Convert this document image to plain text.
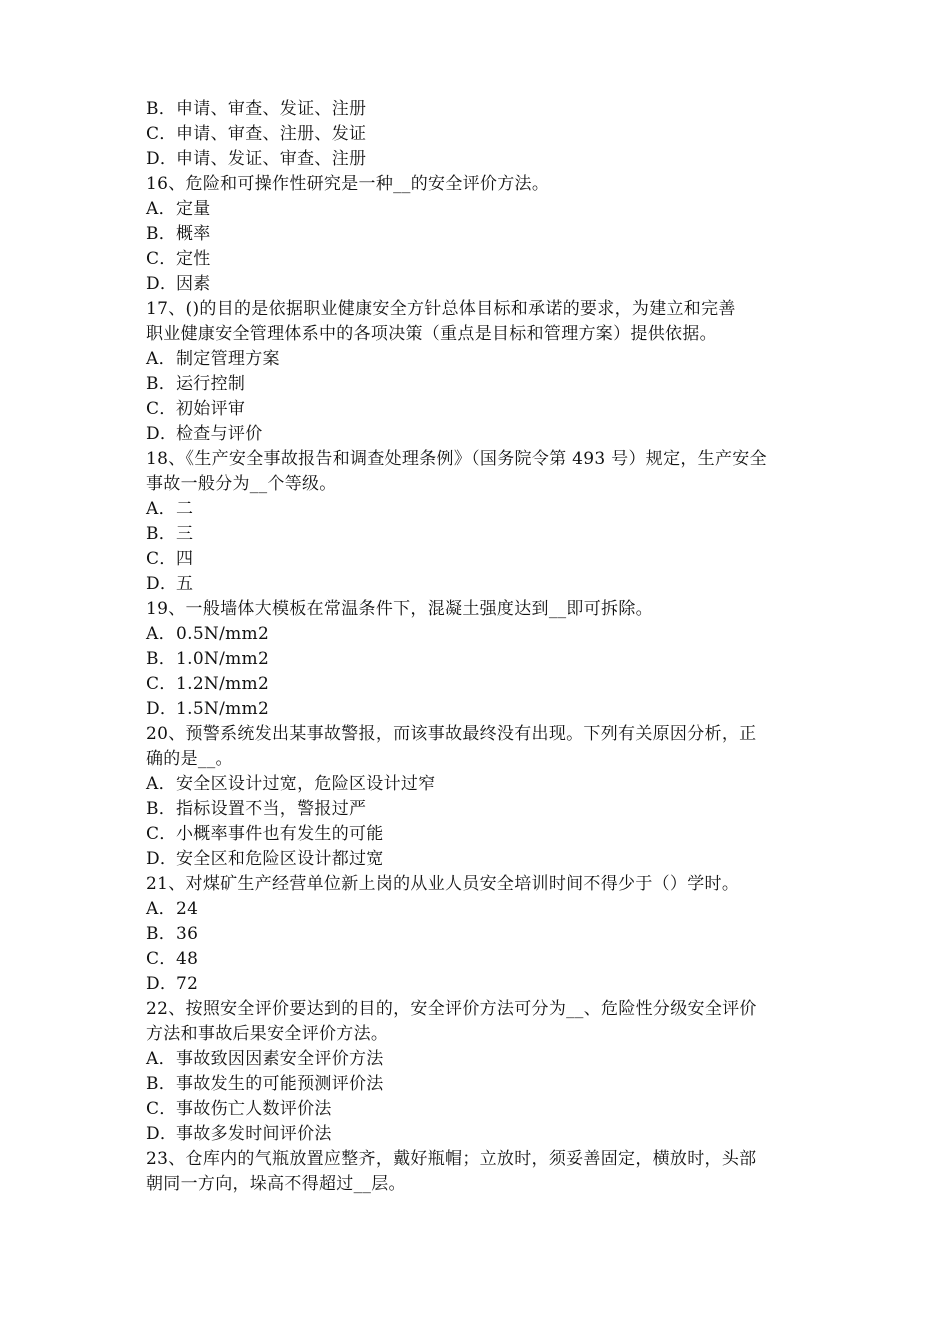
B．申请、审查、发证、注册
C．申请、审查、注册、发证
D．申请、发证、审查、注册
16、危险和可操作性研究是一种__的安全评价方法。
A．定量
B．概率
C．定性
D．因素
17、()的目的是依据职业健康安全方针总体目标和承诺的要求，为建立和完善
职业健康安全管理体系中的各项决策（重点是目标和管理方案）提供依据。
A．制定管理方案
B．运行控制
C．初始评审
D．检查与评价
18、《生产安全事故报告和调查处理条例》（国务院令第 493 号）规定，生产安全
事故一般分为__个等级。
A．二
B．三
C．四
D．五
19、一般墙体大模板在常温条件下，混凝土强度达到__即可拆除。
A．0.5N/mm2
B．1.0N/mm2
C．1.2N/mm2
D．1.5N/mm2
20、预警系统发出某事故警报，而该事故最终没有出现。下列有关原因分析，正
确的是__。
A．安全区设计过宽，危险区设计过窄
B．指标设置不当，警报过严
C．小概率事件也有发生的可能
D．安全区和危险区设计都过宽
21、对煤矿生产经营单位新上岗的从业人员安全培训时间不得少于（）学时。
A．24
B．36
C．48
D．72
22、按照安全评价要达到的目的，安全评价方法可分为__、危险性分级安全评价
方法和事故后果安全评价方法。
A．事故致因因素安全评价方法
B．事故发生的可能预测评价法
C．事故伤亡人数评价法
D．事故多发时间评价法
23、仓库内的气瓶放置应整齐，戴好瓶帽；立放时，须妥善固定，横放时，头部
朝同一方向，垛高不得超过__层。
